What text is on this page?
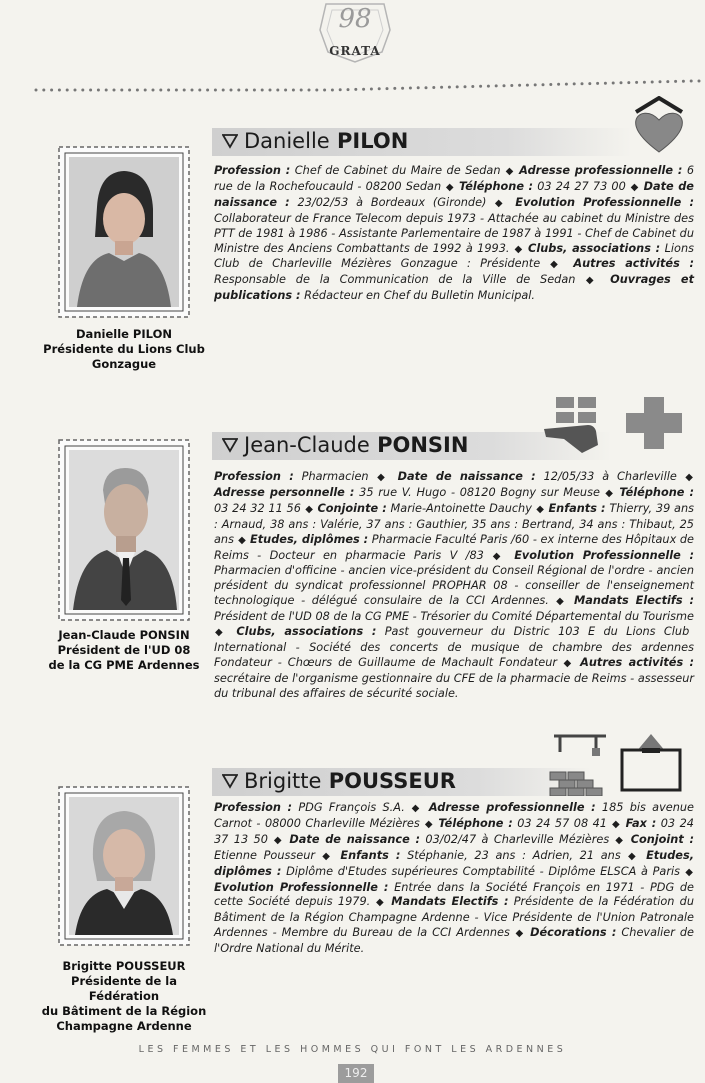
98
GRATA
Danielle PILON
Présidente du Lions Club
Gonzague
Danielle PILON
Profession : Chef de Cabinet du Maire de Sedan ◆ Adresse professionnelle : 6 rue de la Rochefoucauld - 08200 Sedan ◆ Téléphone : 03 24 27 73 00 ◆ Date de naissance : 23/02/53 à Bordeaux (Gironde) ◆ Evolution Professionnelle : Collaborateur de France Telecom depuis 1973 - Attachée au cabinet du Ministre des PTT de 1981 à 1986 - Assistante Parlementaire de 1987 à 1991 - Chef de Cabinet du Ministre des Anciens Combattants de 1992 à 1993. ◆ Clubs, associations : Lions Club de Charleville Mézières Gonzague : Présidente ◆ Autres activités : Responsable de la Communication de la Ville de Sedan ◆ Ouvrages et publications : Rédacteur en Chef du Bulletin Municipal.
Jean-Claude PONSIN
Président de l'UD 08
de la CG PME Ardennes
Jean-Claude PONSIN
Profession : Pharmacien ◆ Date de naissance : 12/05/33 à Charleville ◆ Adresse personnelle : 35 rue V. Hugo - 08120 Bogny sur Meuse ◆ Téléphone : 03 24 32 11 56 ◆ Conjointe : Marie-Antoinette Dauchy ◆ Enfants : Thierry, 39 ans : Arnaud, 38 ans : Valérie, 37 ans : Gauthier, 35 ans : Bertrand, 34 ans : Thibaut, 25 ans ◆ Etudes, diplômes : Pharmacie Faculté Paris /60 - ex interne des Hôpitaux de Reims - Docteur en pharmacie Paris V /83 ◆ Evolution Professionnelle : Pharmacien d'officine - ancien vice-président du Conseil Régional de l'ordre - ancien président du syndicat professionnel PROPHAR 08 - conseiller de l'enseignement technologique - délégué consulaire de la CCI Ardennes. ◆ Mandats Electifs : Président de l'UD 08 de la CG PME - Trésorier du Comité Départemental du Tourisme ◆ Clubs, associations : Past gouverneur du Distric 103 E du Lions Club International - Société des concerts de musique de chambre des ardennes Fondateur - Chœurs de Guillaume de Machault Fondateur ◆ Autres activités : secrétaire de l'organisme gestionnaire du CFE de la pharmacie de Reims - assesseur du tribunal des affaires de sécurité sociale.
Brigitte POUSSEUR
Présidente de la Fédération
du Bâtiment de la Région
Champagne Ardenne
Brigitte POUSSEUR
Profession : PDG François S.A. ◆ Adresse professionnelle : 185 bis avenue Carnot - 08000 Charleville Mézières ◆ Téléphone : 03 24 57 08 41 ◆ Fax : 03 24 37 13 50 ◆ Date de naissance : 03/02/47 à Charleville Mézières ◆ Conjoint : Etienne Pousseur ◆ Enfants : Stéphanie, 23 ans : Adrien, 21 ans ◆ Etudes, diplômes : Diplôme d'Etudes supérieures Comptabilité - Diplôme ELSCA à Paris ◆ Evolution Professionnelle : Entrée dans la Société François en 1971 - PDG de cette Société depuis 1979. ◆ Mandats Electifs : Présidente de la Fédération du Bâtiment de la Région Champagne Ardenne - Vice Présidente de l'Union Patronale Ardennes - Membre du Bureau de la CCI Ardennes ◆ Décorations : Chevalier de l'Ordre National du Mérite.
LES FEMMES ET LES HOMMES QUI FONT LES ARDENNES
192
